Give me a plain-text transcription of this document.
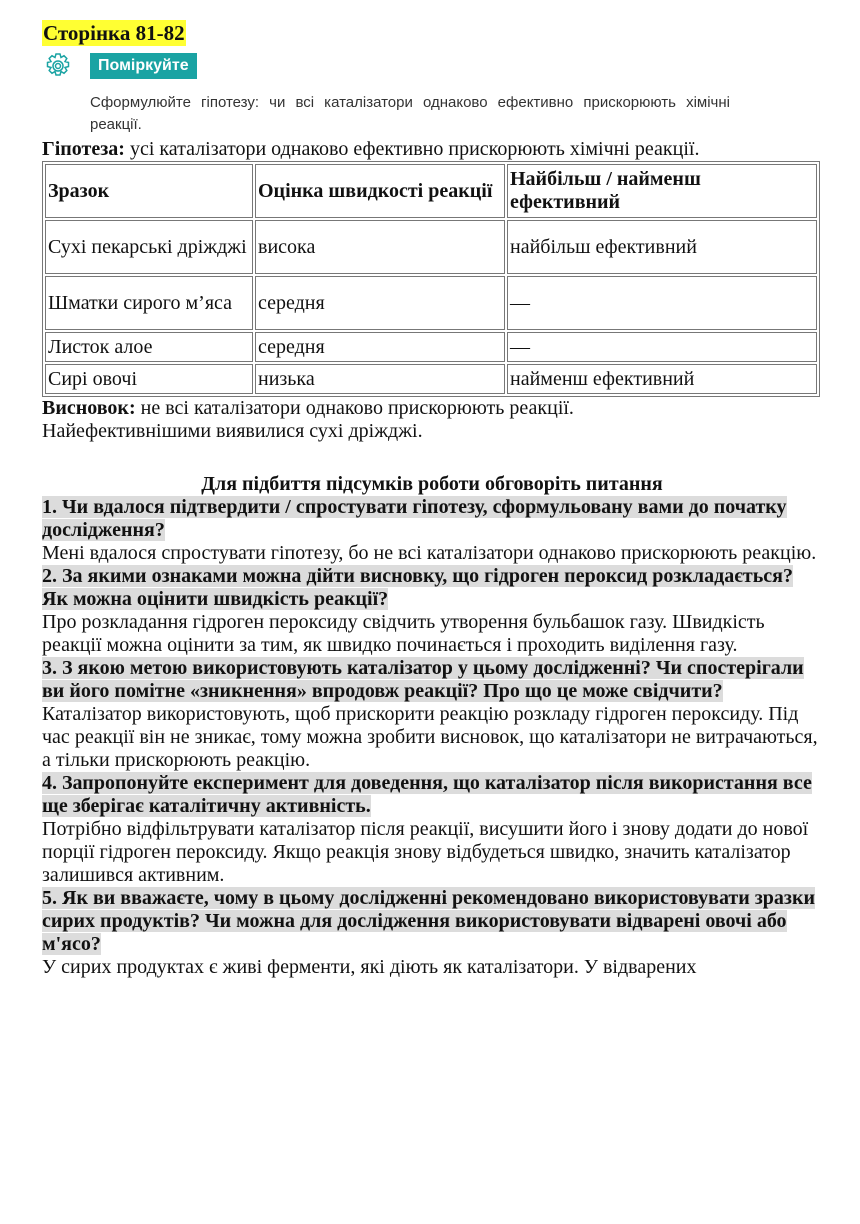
Сторінка 81-82
Поміркуйте
Сформулюйте гіпотезу: чи всі каталізатори однаково ефективно прискорюють хімічні реакції.

Гіпотеза: усі каталізатори однаково ефективно прискорюють хімічні реакції.

Зразок	Оцінка швидкості реакції	Найбільш / найменш ефективний
Сухі пекарські дріжджі	висока	найбільш ефективний
Шматки сирого м’яса	середня	—
Листок алое	середня	—
Сирі овочі	низька	найменш ефективний

Висновок: не всі каталізатори однаково прискорюють реакції.

Найефективнішими виявилися сухі дріжджі.

Для підбиття підсумків роботи обговоріть питання

1. Чи вдалося підтвердити / спростувати гіпотезу, сформульовану вами до початку дослідження?

Мені вдалося спростувати гіпотезу, бо не всі каталізатори однаково прискорюють реакцію.

2. За якими ознаками можна дійти висновку, що гідроген пероксид розкладається? Як можна оцінити швидкість реакції?

Про розкладання гідроген пероксиду свідчить утворення бульбашок газу. Швидкість реакції можна оцінити за тим, як швидко починається і проходить виділення газу.

3. З якою метою використовують каталізатор у цьому дослідженні? Чи спостерігали ви його помітне «зникнення» впродовж реакції? Про що це може свідчити?

Каталізатор використовують, щоб прискорити реакцію розкладу гідроген пероксиду. Під час реакції він не зникає, тому можна зробити висновок, що каталізатори не витрачаються, а тільки прискорюють реакцію.

4. Запропонуйте експеримент для доведення, що каталізатор після використання все ще зберігає каталітичну активність.

Потрібно відфільтрувати каталізатор після реакції, висушити його і знову додати до нової порції гідроген пероксиду. Якщо реакція знову відбудеться швидко, значить каталізатор залишився активним.

5. Як ви вважаєте, чому в цьому дослідженні рекомендовано використовувати зразки сирих продуктів? Чи можна для дослідження використовувати відварені овочі або м'ясо?

У сирих продуктах є живі ферменти, які діють як каталізатори. У відварених
